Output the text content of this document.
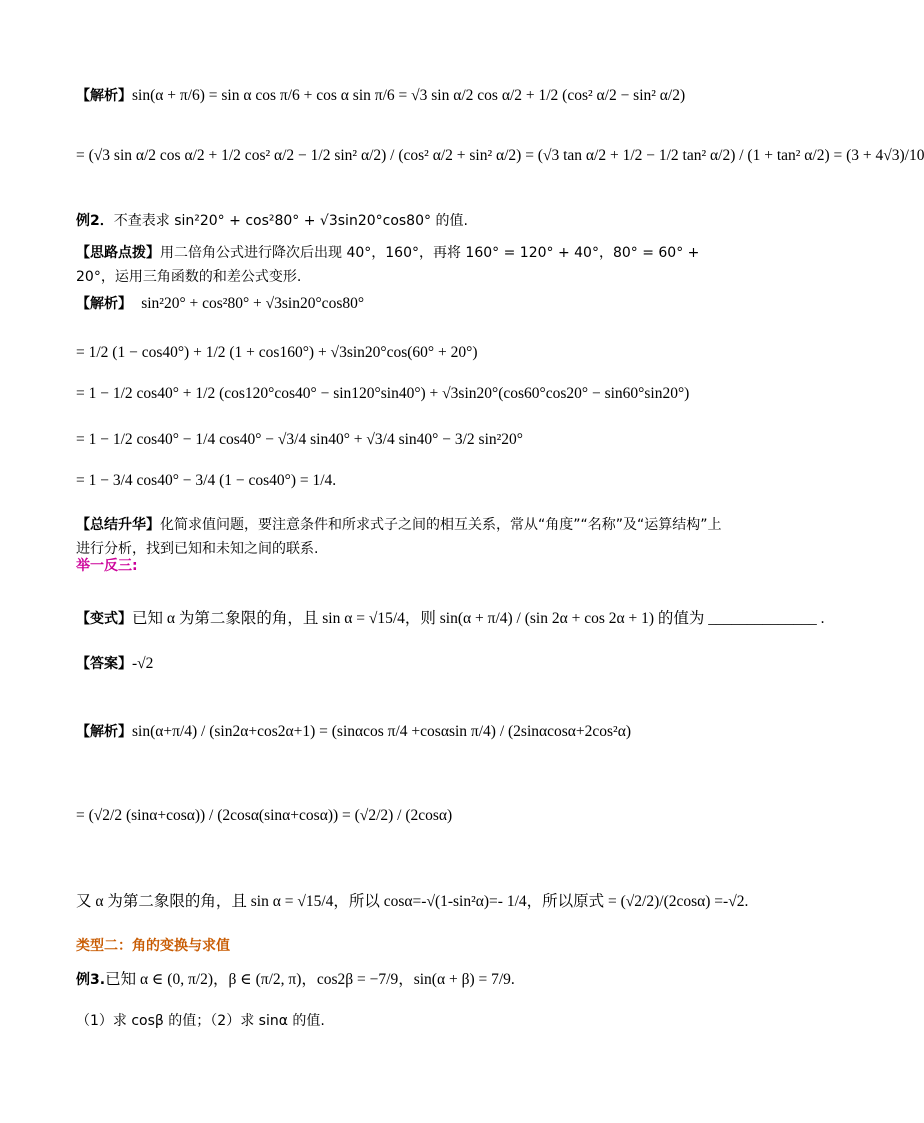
【解析】sin(α + π/6) = sin α cos π/6 + cos α sin π/6 = √3 sin α/2 cos α/2 + 1/2 (cos² α/2 − sin² α/2)
= (√3 sin α/2 cos α/2 + 1/2 cos² α/2 − 1/2 sin² α/2) / (cos² α/2 + sin² α/2) = (√3 tan α/2 + 1/2 − 1/2 tan² α/2) / (1 + tan² α/2) = (3 + 4√3)/10
例2．不查表求 sin²20° + cos²80° + √3sin20°cos80° 的值.
【思路点拨】用二倍角公式进行降次后出现 40°，160°，再将 160° = 120° + 40°，80° = 60° + 20°，运用三角函数的和差公式变形.
【解析】 sin²20° + cos²80° + √3sin20°cos80°
= 1/2 (1 − cos40°) + 1/2 (1 + cos160°) + √3sin20°cos(60° + 20°)
= 1 − 1/2 cos40° + 1/2 (cos120°cos40° − sin120°sin40°) + √3sin20°(cos60°cos20° − sin60°sin20°)
= 1 − 1/2 cos40° − 1/4 cos40° − √3/4 sin40° + √3/4 sin40° − 3/2 sin²20°
= 1 − 3/4 cos40° − 3/4 (1 − cos40°) = 1/4.
【总结升华】化简求值问题，要注意条件和所求式子之间的相互关系，常从“角度”“名称”及“运算结构”上进行分析，找到已知和未知之间的联系.
举一反三:
【变式】已知 α 为第二象限的角，且 sin α = √15/4，则 sin(α + π/4) / (sin 2α + cos 2α + 1) 的值为 ______________ .
【答案】-√2
【解析】sin(α+π/4) / (sin2α+cos2α+1) = (sinαcos π/4 +cosαsin π/4) / (2sinαcosα+2cos²α)
= (√2/2 (sinα+cosα)) / (2cosα(sinα+cosα)) = (√2/2) / (2cosα)
又 α 为第二象限的角，且 sin α = √15/4，所以 cosα=-√(1-sin²α)=- 1/4，所以原式 = (√2/2)/(2cosα) =-√2.
类型二：角的变换与求值
例3.已知 α ∈ (0, π/2)，β ∈ (π/2, π)，cos2β = −7/9，sin(α + β) = 7/9.
（1）求 cosβ 的值；（2）求 sinα 的值.
